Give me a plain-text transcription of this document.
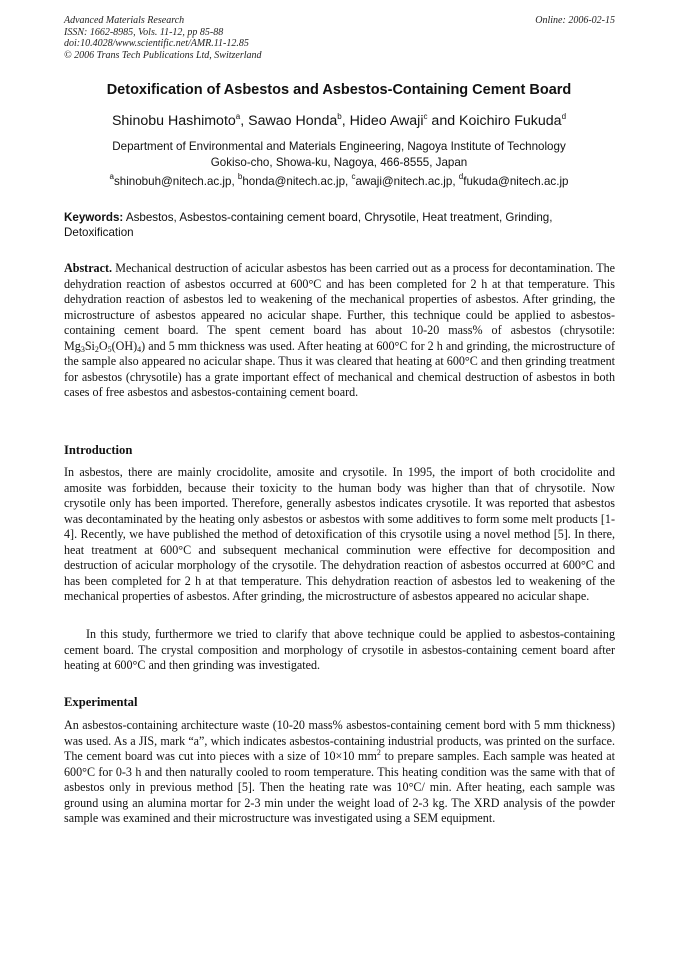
Advanced Materials Research
ISSN: 1662-8985, Vols. 11-12, pp 85-88
doi:10.4028/www.scientific.net/AMR.11-12.85
© 2006 Trans Tech Publications Ltd, Switzerland
Online: 2006-02-15
Detoxification of Asbestos and Asbestos-Containing Cement Board
Shinobu Hashimoto$^a$, Sawao Honda$^b$, Hideo Awaji$^c$ and Koichiro Fukuda$^d$
Department of Environmental and Materials Engineering, Nagoya Institute of Technology
Gokiso-cho, Showa-ku, Nagoya, 466-8555, Japan
$^a$shinobuh@nitech.ac.jp, $^b$honda@nitech.ac.jp, $^c$awaji@nitech.ac.jp, $^d$fukuda@nitech.ac.jp
Keywords: Asbestos, Asbestos-containing cement board, Chrysotile, Heat treatment, Grinding, Detoxification
Abstract. Mechanical destruction of acicular asbestos has been carried out as a process for decontamination. The dehydration reaction of asbestos occurred at 600°C and has been completed for 2 h at that temperature. This dehydration reaction of asbestos led to weakening of the mechanical properties of asbestos. After grinding, the microstructure of asbestos appeared no acicular shape. Further, this technique could be applied to asbestos-containing cement board. The spent cement board has about 10-20 mass% of asbestos (chrysotile: $Mg_3Si_2O_5(OH)_4$) and 5 mm thickness was used. After heating at 600°C for 2 h and grinding, the microstructure of the sample also appeared no acicular shape. Thus it was cleared that heating at 600°C and then grinding treatment for asbestos (chrysotile) has a grate important effect of mechanical and chemical destruction of asbestos in both cases of free asbestos and asbestos-containing cement board.
Introduction
In asbestos, there are mainly crocidolite, amosite and crysotile. In 1995, the import of both crocidolite and amosite was forbidden, because their toxicity to the human body was higher than that of chrysotile. Now crysotile only has been imported. Therefore, generally asbestos indicates crysotile. It was reported that asbestos was decontaminated by the heating only asbestos or asbestos with some additives to form some melt products [1-4]. Recently, we have published the method of detoxification of this crysotile using a novel method [5]. In there, heat treatment at 600°C and subsequent mechanical comminution were effective for decomposition and destruction of acicular morphology of the crysotile. The dehydration reaction of asbestos occurred at 600°C and has been completed for 2 h at that temperature. This dehydration reaction of asbestos led to weakening of the mechanical properties of asbestos. After grinding, the microstructure of asbestos appeared no acicular shape.
In this study, furthermore we tried to clarify that above technique could be applied to asbestos-containing cement board. The crystal composition and morphology of crysotile in asbestos-containing cement board after heating at 600°C and then grinding was investigated.
Experimental
An asbestos-containing architecture waste (10-20 mass% asbestos-containing cement bord with 5 mm thickness) was used. As a JIS, mark “a”, which indicates asbestos-containing industrial products, was printed on the surface. The cement board was cut into pieces with a size of 10×10 $mm^2$ to prepare samples. Each sample was heated at 600°C for 0-3 h and then naturally cooled to room temperature. This heating condition was the same with that of asbestos only in previous method [5]. Then the heating rate was 10°C/ min. After heating, each sample was ground using an alumina mortar for 2-3 min under the weight load of 2-3 kg. The XRD analysis of the powder sample was examined and their microstructure was investigated using a SEM equipment.
